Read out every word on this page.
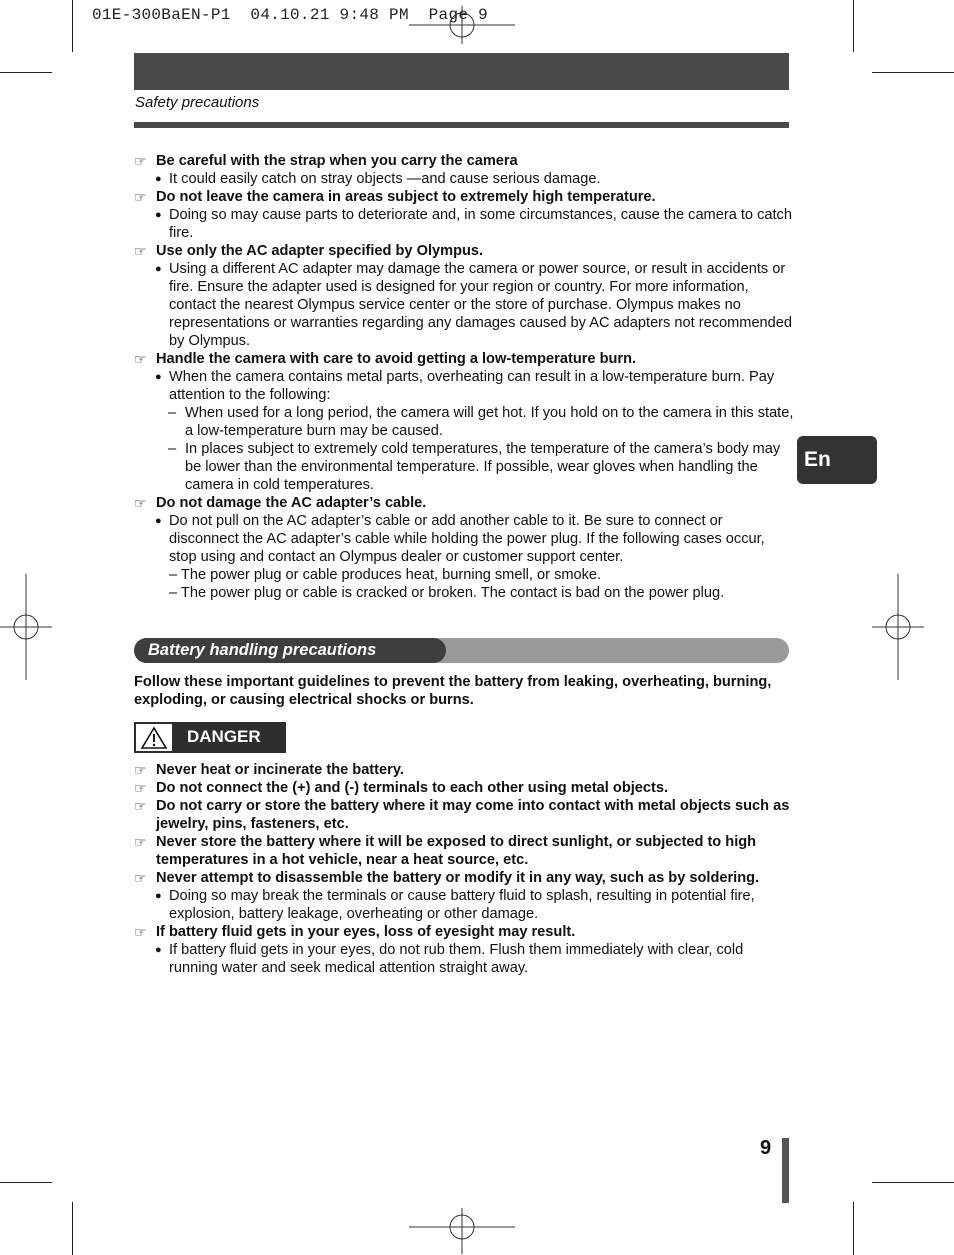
01E-300BaEN-P1  04.10.21 9:48 PM  Page 9
Safety precautions
☞ Be careful with the strap when you carry the camera
● It could easily catch on stray objects —and cause serious damage.
☞ Do not leave the camera in areas subject to extremely high temperature.
● Doing so may cause parts to deteriorate and, in some circumstances, cause the camera to catch fire.
☞ Use only the AC adapter specified by Olympus.
● Using a different AC adapter may damage the camera or power source, or result in accidents or fire. Ensure the adapter used is designed for your region or country. For more information, contact the nearest Olympus service center or the store of purchase. Olympus makes no representations or warranties regarding any damages caused by AC adapters not recommended by Olympus.
☞ Handle the camera with care to avoid getting a low-temperature burn.
● When the camera contains metal parts, overheating can result in a low-temperature burn. Pay attention to the following:
– When used for a long period, the camera will get hot. If you hold on to the camera in this state, a low-temperature burn may be caused.
– In places subject to extremely cold temperatures, the temperature of the camera’s body may be lower than the environmental temperature. If possible, wear gloves when handling the camera in cold temperatures.
☞ Do not damage the AC adapter’s cable.
● Do not pull on the AC adapter’s cable or add another cable to it. Be sure to connect or disconnect the AC adapter’s cable while holding the power plug. If the following cases occur, stop using and contact an Olympus dealer or customer support center.
– The power plug or cable produces heat, burning smell, or smoke.
– The power plug or cable is cracked or broken. The contact is bad on the power plug.
En
Battery handling precautions
Follow these important guidelines to prevent the battery from leaking, overheating, burning, exploding, or causing electrical shocks or burns.
DANGER
☞ Never heat or incinerate the battery.
☞ Do not connect the (+) and (-) terminals to each other using metal objects.
☞ Do not carry or store the battery where it may come into contact with metal objects such as jewelry, pins, fasteners, etc.
☞ Never store the battery where it will be exposed to direct sunlight, or subjected to high temperatures in a hot vehicle, near a heat source, etc.
☞ Never attempt to disassemble the battery or modify it in any way, such as by soldering.
● Doing so may break the terminals or cause battery fluid to splash, resulting in potential fire, explosion, battery leakage, overheating or other damage.
☞ If battery fluid gets in your eyes, loss of eyesight may result.
● If battery fluid gets in your eyes, do not rub them. Flush them immediately with clear, cold running water and seek medical attention straight away.
9
